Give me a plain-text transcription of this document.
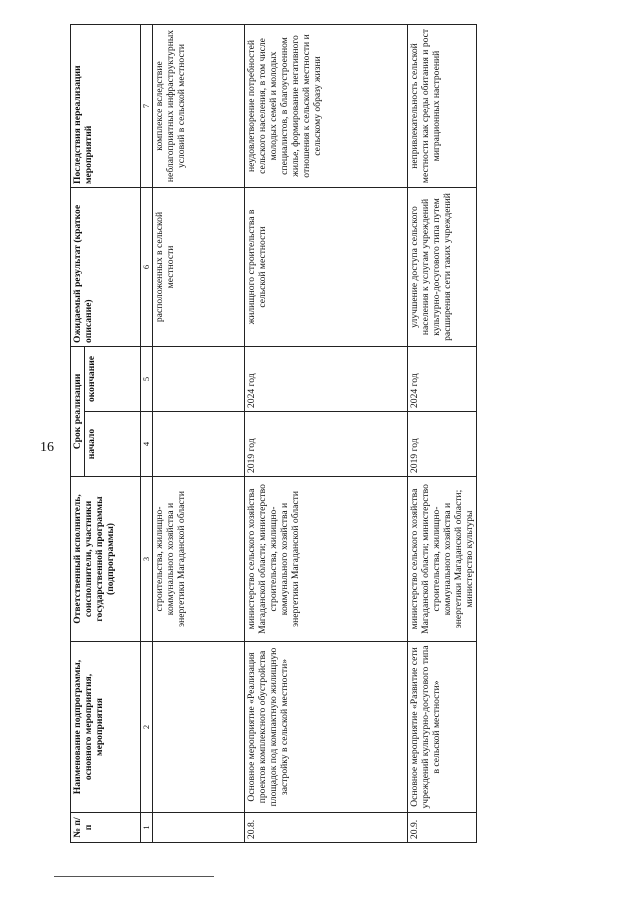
16
№ п/п	Наименование подпрограммы, основного мероприятия, мероприятия	Ответственный исполнитель, соисполнители, участники государственной программы (подпрограммы)	Срок реализации		Ожидаемый результат (краткое описание)	Последствия нереализации мероприятий
			начало	окончание		
1	2	3	4	5	6	7
		строительства, жилищно-коммунального хозяйства и энергетики Магаданской области			расположенных в сельской местности	комплексе вследствие неблагоприятных инфраструктурных условий в сельской местности
20.8.	Основное мероприятие «Реализация проектов комплексного обустройства площадок под компактную жилищную застройку в сельской местности»	министерство сельского хозяйства Магаданской области; министерство строительства, жилищно-коммунального хозяйства и энергетики Магаданской области	2019 год	2024 год	жилищного строительства в сельской местности	неудовлетворение потребностей сельского населения, в том числе молодых семей и молодых специалистов, в благоустроенном жилье, формирование негативного отношения к сельской местности и сельскому образу жизни
20.9.	Основное мероприятие «Развитие сети учреждений культурно-досугового типа в сельской местности»	министерство сельского хозяйства Магаданской области; министерство строительства, жилищно-коммунального хозяйства и энергетики Магаданской области; министерство культуры	2019 год	2024 год	улучшение доступа сельского населения к услугам учреждений культурно-досугового типа путем расширения сети таких учреждений	непривлекательность сельской местности как среды обитания и рост миграционных настроений
